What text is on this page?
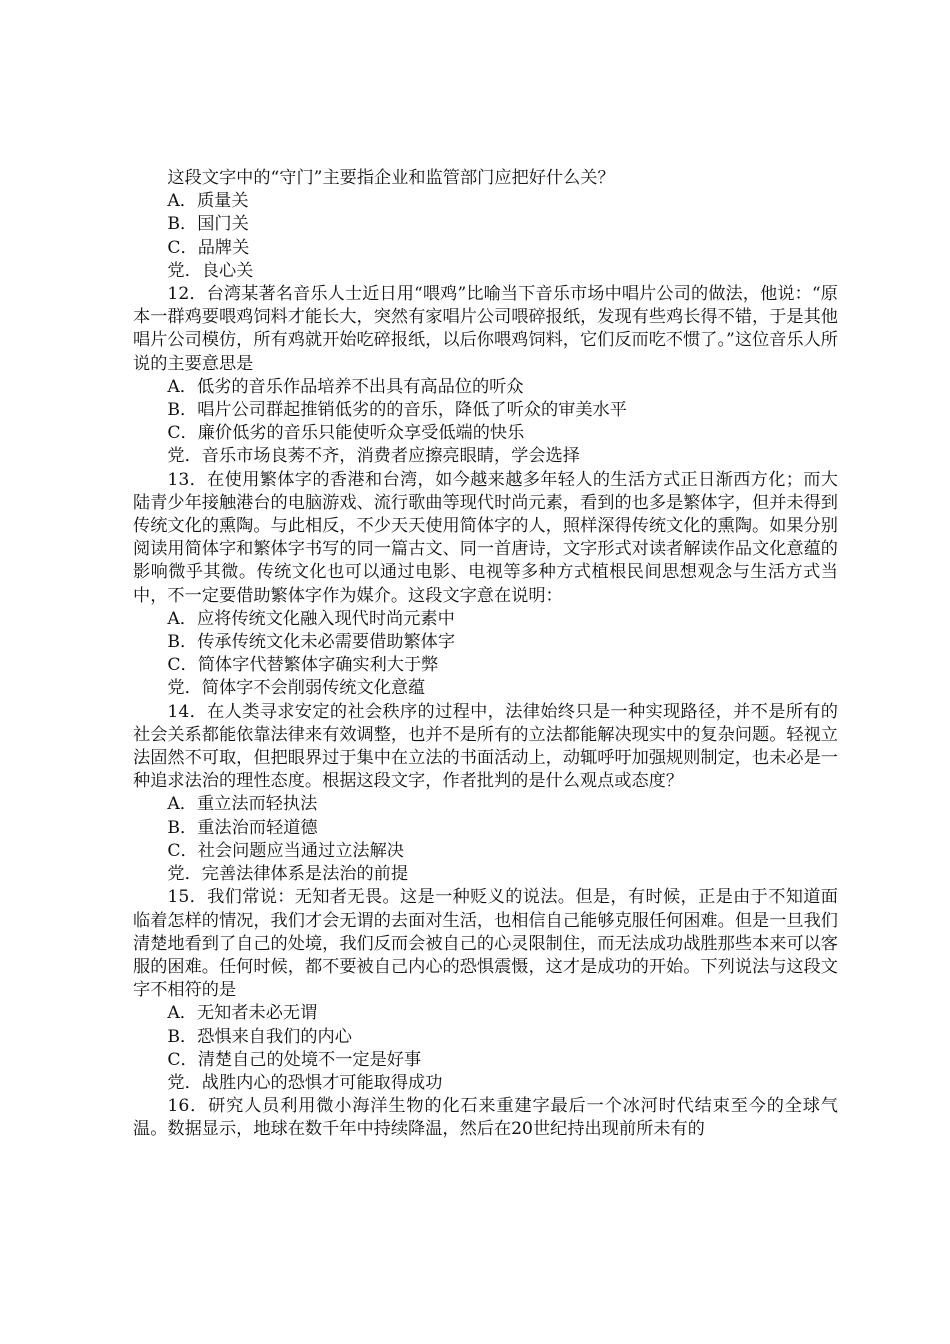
这段文字中的“守门”主要指企业和监管部门应把好什么关？

A．质量关

B．国门关

C．品牌关

党．良心关

12．台湾某著名音乐人士近日用“喂鸡”比喻当下音乐市场中唱片公司的做法，他说：“原本一群鸡要喂鸡饲料才能长大，突然有家唱片公司喂碎报纸，发现有些鸡长得不错，于是其他唱片公司模仿，所有鸡就开始吃碎报纸，以后你喂鸡饲料，它们反而吃不惯了。”这位音乐人所说的主要意思是

A．低劣的音乐作品培养不出具有高品位的听众

B．唱片公司群起推销低劣的的音乐，降低了听众的审美水平

C．廉价低劣的音乐只能使听众享受低端的快乐

党．音乐市场良莠不齐，消费者应擦亮眼睛，学会选择

13．在使用繁体字的香港和台湾，如今越来越多年轻人的生活方式正日渐西方化；而大陆青少年接触港台的电脑游戏、流行歌曲等现代时尚元素，看到的也多是繁体字，但并未得到传统文化的熏陶。与此相反，不少天天使用简体字的人，照样深得传统文化的熏陶。如果分别阅读用简体字和繁体字书写的同一篇古文、同一首唐诗，文字形式对读者解读作品文化意蕴的影响微乎其微。传统文化也可以通过电影、电视等多种方式植根民间思想观念与生活方式当中，不一定要借助繁体字作为媒介。这段文字意在说明：

A．应将传统文化融入现代时尚元素中

B．传承传统文化未必需要借助繁体字

C．简体字代替繁体字确实利大于弊

党．简体字不会削弱传统文化意蕴

14．在人类寻求安定的社会秩序的过程中，法律始终只是一种实现路径，并不是所有的社会关系都能依靠法律来有效调整，也并不是所有的立法都能解决现实中的复杂问题。轻视立法固然不可取，但把眼界过于集中在立法的书面活动上，动辄呼吁加强规则制定，也未必是一种追求法治的理性态度。根据这段文字，作者批判的是什么观点或态度？

A．重立法而轻执法

B．重法治而轻道德

C．社会问题应当通过立法解决

党．完善法律体系是法治的前提

15．我们常说：无知者无畏。这是一种贬义的说法。但是，有时候，正是由于不知道面临着怎样的情况，我们才会无谓的去面对生活，也相信自己能够克服任何困难。但是一旦我们清楚地看到了自己的处境，我们反而会被自己的心灵限制住，而无法成功战胜那些本来可以客服的困难。任何时候，都不要被自己内心的恐惧震慑，这才是成功的开始。下列说法与这段文字不相符的是

A．无知者未必无谓

B．恐惧来自我们的内心

C．清楚自己的处境不一定是好事

党．战胜内心的恐惧才可能取得成功

16．研究人员利用微小海洋生物的化石来重建字最后一个冰河时代结束至今的全球气温。数据显示，地球在数千年中持续降温，然后在20世纪持出现前所未有的
